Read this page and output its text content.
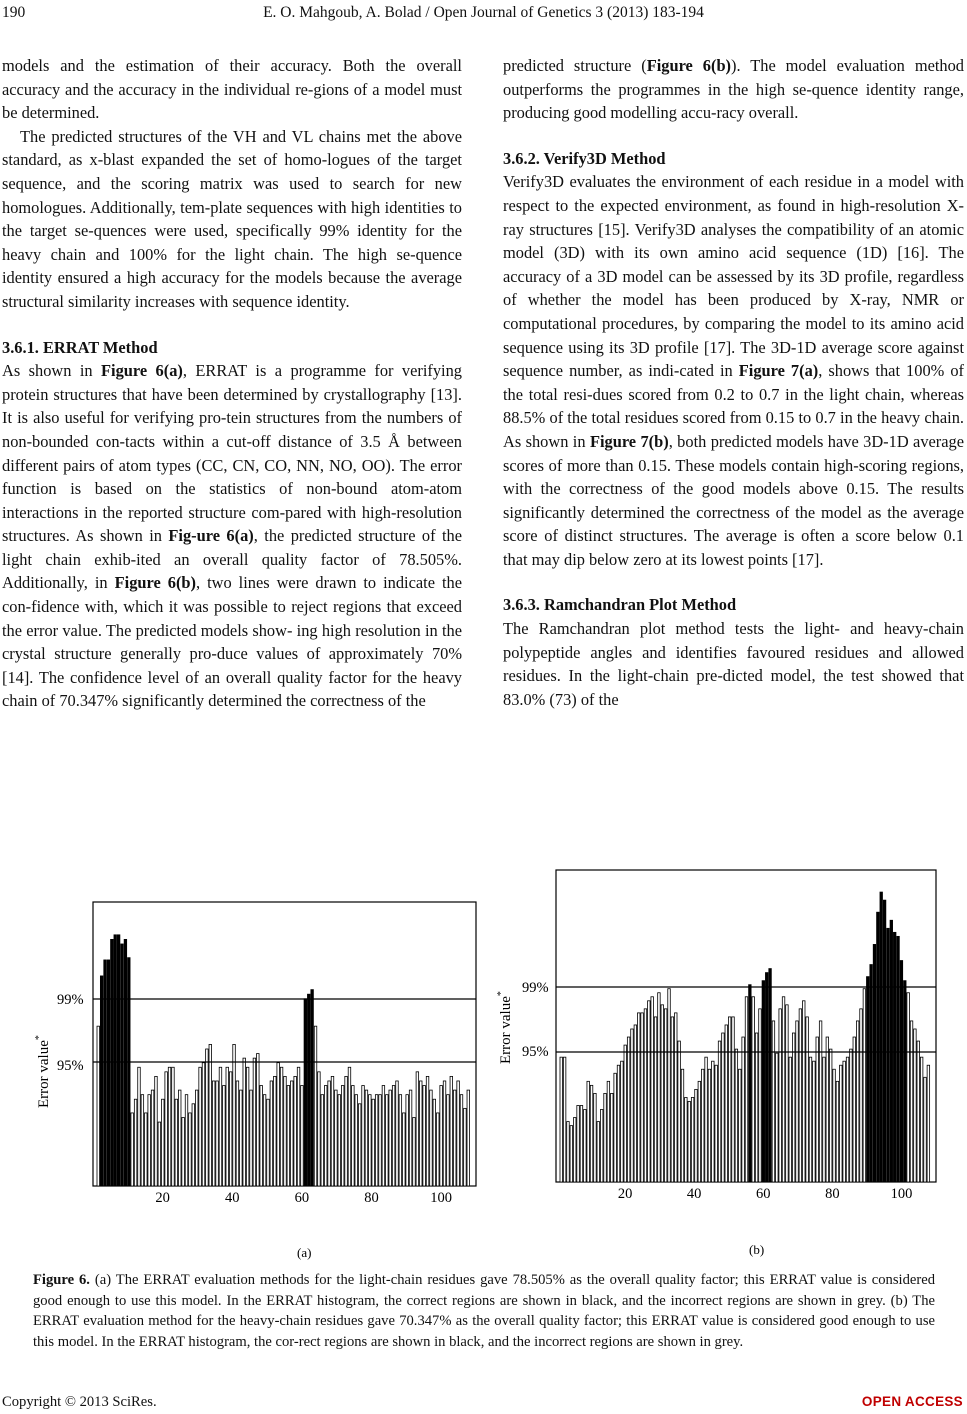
190	E. O. Mahgoub, A. Bolad / Open Journal of Genetics 3 (2013) 183-194

models and the estimation of their accuracy. Both the overall accuracy and the accuracy in the individual re-gions of a model must be determined.

The predicted structures of the VH and VL chains met the above standard, as x-blast expanded the set of homo-logues of the target sequence, and the scoring matrix was used to search for new homologues. Additionally, tem-plate sequences with high identities to the target se-quences were used, specifically 99% identity for the heavy chain and 100% for the light chain. The high se-quence identity ensured a high accuracy for the models because the average structural similarity increases with sequence identity.

3.6.1. ERRAT Method

As shown in Figure 6(a), ERRAT is a programme for verifying protein structures that have been determined by crystallography [13]. It is also useful for verifying pro-tein structures from the numbers of non-bounded con-tacts within a cut-off distance of 3.5 Å between different pairs of atom types (CC, CN, CO, NN, NO, OO). The error function is based on the statistics of non-bound atom-atom interactions in the reported structure com-pared with high-resolution structures. As shown in Fig-ure 6(a), the predicted structure of the light chain exhib-ited an overall quality factor of 78.505%. Additionally, in Figure 6(b), two lines were drawn to indicate the con-fidence with, which it was possible to reject regions that exceed the error value. The predicted models show- ing high resolution in the crystal structure generally pro-duce values of approximately 70% [14]. The confidence level of an overall quality factor for the heavy chain of 70.347% significantly determined the correctness of the

predicted structure (Figure 6(b)). The model evaluation method outperforms the programmes in the high se-quence identity range, producing good modelling accu-racy overall.

3.6.2. Verify3D Method

Verify3D evaluates the environment of each residue in a model with respect to the expected environment, as found in high-resolution X-ray structures [15]. Verify3D analyses the compatibility of an atomic model (3D) with its own amino acid sequence (1D) [16]. The accuracy of a 3D model can be assessed by its 3D profile, regardless of whether the model has been produced by X-ray, NMR or computational procedures, by comparing the model to its amino acid sequence using its 3D profile [17]. The 3D-1D average score against sequence number, as indi-cated in Figure 7(a), shows that 100% of the total resi-dues scored from 0.2 to 0.7 in the light chain, whereas 88.5% of the total residues scored from 0.15 to 0.7 in the heavy chain. As shown in Figure 7(b), both predicted models have 3D-1D average scores of more than 0.15. These models contain high-scoring regions, with the correctness of the good models above 0.15. The results significantly determined the correctness of the model as the average score of distinct structures. The average is often a score below 0.1 that may dip below zero at its lowest points [17].

3.6.3. Ramchandran Plot Method

The Ramchandran plot method tests the light- and heavy-chain polypeptide angles and identifies favoured residues and allowed residues. In the light-chain pre-dicted model, the test showed that 83.0% (73) of the

Error value*
99%
95%
(a)
20	40	60	80	100
Error value*	99%
95%
(b)
20	40	60	80	100
Figure 6. (a) The ERRAT evaluation methods for the light-chain residues gave 78.505% as the overall quality factor; this ERRAT value is considered good enough to use this model. In the ERRAT histogram, the correct regions are shown in black, and the incorrect regions are shown in grey. (b) The ERRAT evaluation method for the heavy-chain residues gave 70.347% as the overall quality factor; this ERRAT value is considered good enough to use this model. In the ERRAT histogram, the cor-rect regions are shown in black, and the incorrect regions are shown in grey.
Copyright © 2013 SciRes.	OPEN ACCESS
